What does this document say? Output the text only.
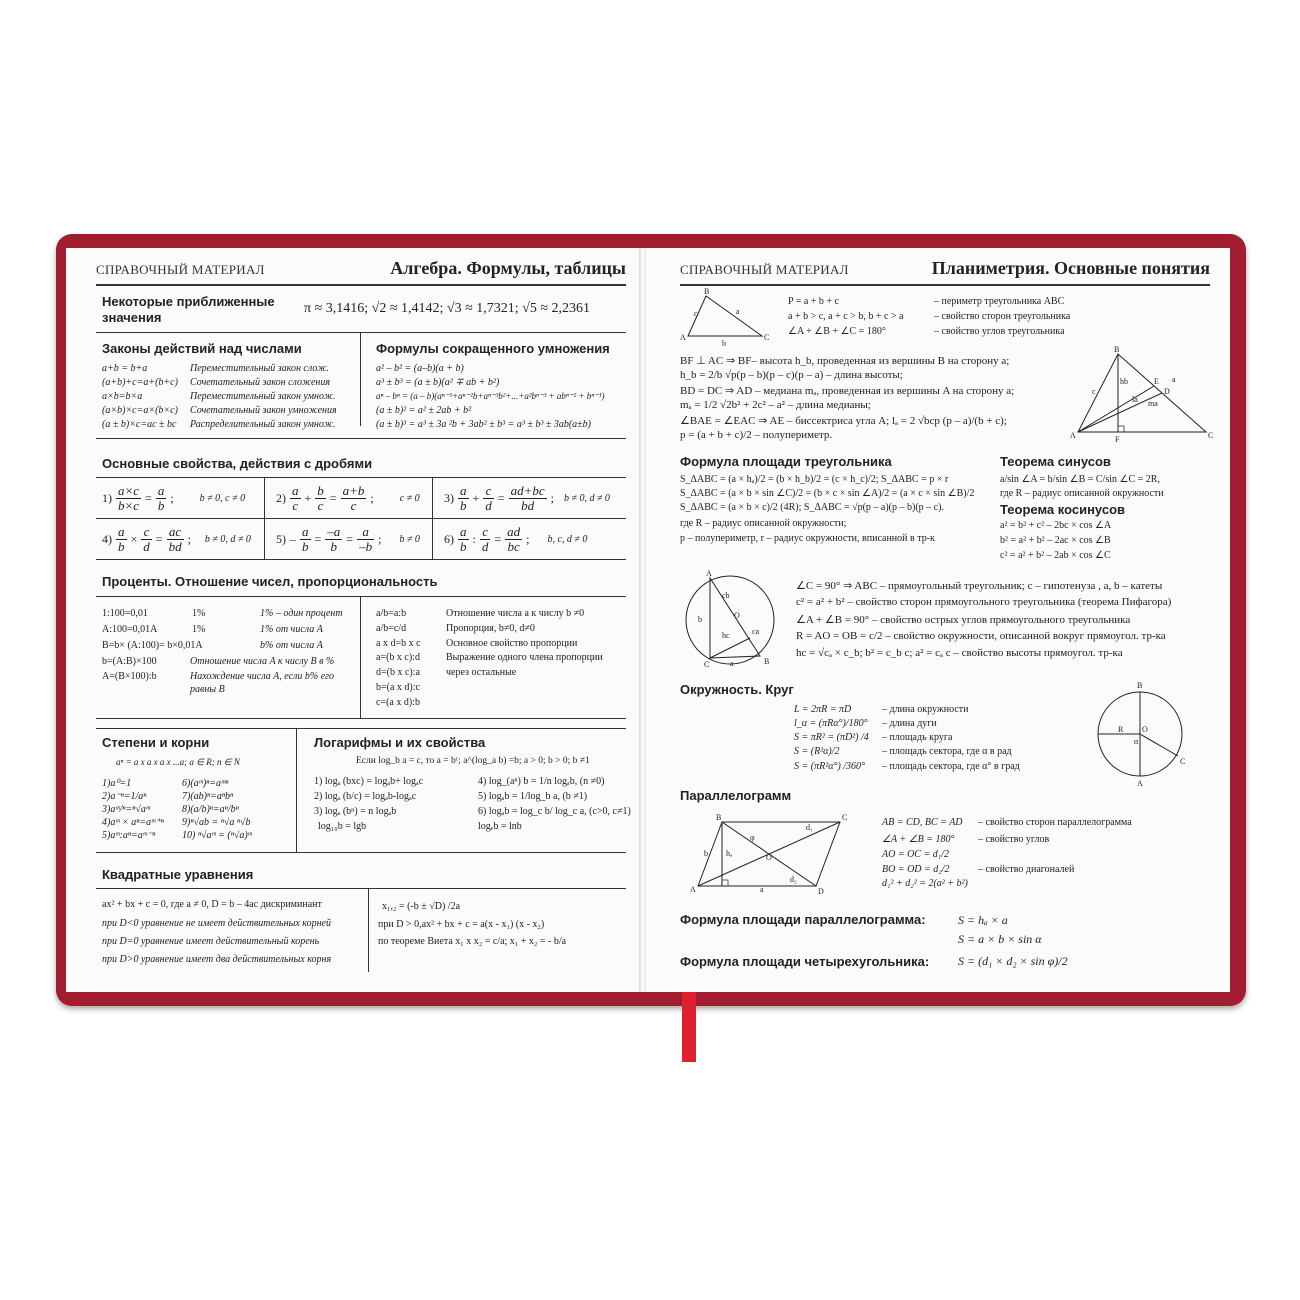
СПРАВОЧНЫЙ МАТЕРИАЛ	Алгебра. Формулы, таблицы
Некоторые приближенные значения
π ≈ 3,1416; √2 ≈ 1,4142; √3 ≈ 1,7321; √5 ≈ 2,2361
Законы действий над числами
a+b = b+a	Переместительный закон слож.
(a+b)+c=a+(b+c) Сочетательный закон сложения
a×b=b×a	Переместительный закон умнож.
(a×b)×c=a×(b×c) Сочетательный закон умножения
(a ± b)×c=ac ± bc Распределительный закон умнож.
Формулы сокращенного умножения
a² – b² = (a–b)(a + b)
a³ ± b³ = (a ± b)(a² ∓ ab + b²)
aⁿ – bⁿ = (a – b)(aⁿ⁻¹+aⁿ⁻²b+aⁿ⁻³b²+...+a²bⁿ⁻³ + abⁿ⁻² + bⁿ⁻¹)
(a ± b)² = a² ± 2ab + b²
(a ± b)³ = a³ ± 3a ²b + 3ab² ± b³ = a³ ± b³ ± 3ab(a±b)
Основные свойства, действия с дробями
$1) \frac{a\times c}{b\times c} = \frac{a}{b}$ ;	b ≠ 0, c ≠ 0	$2) \frac{a}{c} + \frac{b}{c} = \frac{a+b}{c}$ ;	c ≠ 0 $3) \frac{a}{b} + \frac{c}{d} = \frac{ad+bc}{bd}$ ; b ≠ 0, d ≠ 0
$4) \frac{a}{b} \times \frac{c}{d} = \frac{ac}{bd}$ ; b ≠ 0, d ≠ 0 $5) - \frac{a}{b} = \frac{-a}{b} = \frac{a}{-b}$ ; b ≠ 0 $6) \frac{a}{b}$ : $\frac{c}{d} = \frac{ad}{bc}$ ; b, c, d ≠ 0
Проценты. Отношение чисел, пропорциональность
1:100=0,01	1%	1% – один процент
A:100=0,01A	1%	1% от числа A
B=b× (A:100)= b×0,01A	b% от числа A
b=(A:B)×100	Отношение числа A к числу B в %
A=(B×100):b	Нахождение числа A, если b% его
равны B
a/b=a:b	Отношение числа a к числу b ≠0
a/b=c/d	Пропорция, b≠0, d≠0
a x d=b x c	Основное свойство пропорции
a=(b x c):d	Выражение одного члена пропорции
d=(b x c):a	через остальные
b=(a x d):c
c=(a x d):b
Степени и корни
aⁿ = a x a x a x ...a; a ∈ R; n ∈ N
1)a⁰=1
2)a⁻ⁿ=1/aⁿ
3)aᵐ/ⁿ=ⁿ√aᵐ
4)aᵐ × aⁿ=aᵐ⁺ⁿ
5)aᵐ:aⁿ=aᵐ⁻ⁿ
6)(aᵐ)ⁿ=aᵐⁿ
7)(ab)ⁿ=aⁿbⁿ
8)(a/b)ⁿ=aⁿ/bⁿ
9)ⁿ√ab = ⁿ√a ⁿ√b
10) ⁿ√aᵐ = (ⁿ√a)ᵐ
Логарифмы и их свойства
Если log_b a = c, то a = bᶜ; a^(log_a b) =b; a > 0; b > 0; b ≠1
1) logₐ (bxc) = logₐb+ logₐc
2) logₐ (b/c) = logₐb-logₐc
3) logₐ (bⁿ) = n logₐb
log₁₀b = lgb
4) log_(aⁿ) b = 1/n logₐb, (n ≠0)
5) logₐb = 1/log_b a, (b ≠1)
6) logₐb = log_c b/ log_c a, (c>0, c≠1)
logₑb = lnb
Квадратные уравнения
ax² + bx + c = 0, где a ≠ 0, D = b – 4ac дискриминант
при D<0 уравнение не имеет действительных корней
при D=0 уравнение имеет действительный корень
при D>0 уравнение имеет два действительных корня
x₁,₂ = (-b ± √D) /2a
при D > 0,ax² + bx + c = a(x - x₁) (x - x₂)
по теореме Виета x₁ x x₂ = c/a; x₁ + x₂ = - b/a
СПРАВОЧНЫЙ МАТЕРИАЛ	Планиметрия. Основные понятия
A
B
C
c	a
b
P = a + b + c	– периметр треугольника ABC
a + b > c, a + c > b, b + c > a	– свойство сторон треугольника
∠A + ∠B + ∠C = 180°	– свойство углов треугольника
BF ⊥ AC ⇒ BF– высота h_b, проведенная из вершины B на сторону a;
h_b = 2/b √p(p – b)(p – c)(p – a) – длина высоты;
BD = DC ⇒ AD – медиана mₐ, проведенная из вершины A на сторону a;
mₐ = 1/2 √2b² + 2c² – a² – длина медианы;
∠BAE = ∠EAC ⇒ AE – биссектриса угла A; lₐ = 2 √bcp (p – a)/(b + c);
p = (a + b + c)/2 – полупериметр.	A
B
C
D
E
F
c
a
hb
la ma
Формула площади треугольника
S_ΔABC = (a × hₐ)/2 = (b × h_b)/2 = (c × h_c)/2; S_ΔABC = p × r
S_ΔABC = (a × b × sin ∠C)/2 = (b × c × sin ∠A)/2 = (a × c × sin ∠B)/2
S_ΔABC = (a × b × c)/2 (4R); S_ΔABC = √p(p – a)(p – b)(p – c).
где R – радиус описанной окружности;
p – полупериметр, r – радиус окружности, вписанной в тр-к
Теорема синусов
a/sin ∠A = b/sin ∠B = C/sin ∠C = 2R,
где R – радиус описанной окружности
Теорема косинусов
a² = b² + c² – 2bc × cos ∠A
b² = a² + b² – 2ac × cos ∠B
c² = a² + b² – 2ab × cos ∠C
A
C	B
O
b
a
hc
cb
ca
∠C = 90° ⇒ ABC – прямоугольный треугольник; c – гипотенуза , a, b – катеты
c² = a² + b² – свойство сторон прямоугольного треугольника (теорема Пифагора)
∠A + ∠B = 90° – свойство острых углов прямоугольного треугольника
R = AO = OB = c/2 – свойство окружности, описанной вокруг прямоугол. тр-ка
hc = √cₐ × c_b; b² = c_b c; a² = cₐ c – свойство высоты прямоугол. тр-ка
Окружность. Круг
L = 2πR = πD	– длина окружности
l_α = (πRα°)/180° – длина дуги
S = πR² = (πD²) /4 – площадь круга
S = (R²α)/2	– площадь сектора, где α в рад
S = (πR²α°) /360° – площадь сектора, где α° в град
B
A
C
O
R
α
Параллелограмм
A
B	C
D
O
hₐ
b
a
d₁
d₂
φ
AB = CD, BC = AD – свойство сторон параллелограмма
∠A + ∠B = 180° – свойство углов
AO = OC = d₁/2
BO = OD = d₂/2	– свойство диагоналей
d₁² + d₂² = 2(a² + b²)
Формула площади параллелограмма:	S = hₐ × a
S = a × b × sin α
Формула площади четырехугольника: S = (d₁ × d₂ × sin φ)/2
